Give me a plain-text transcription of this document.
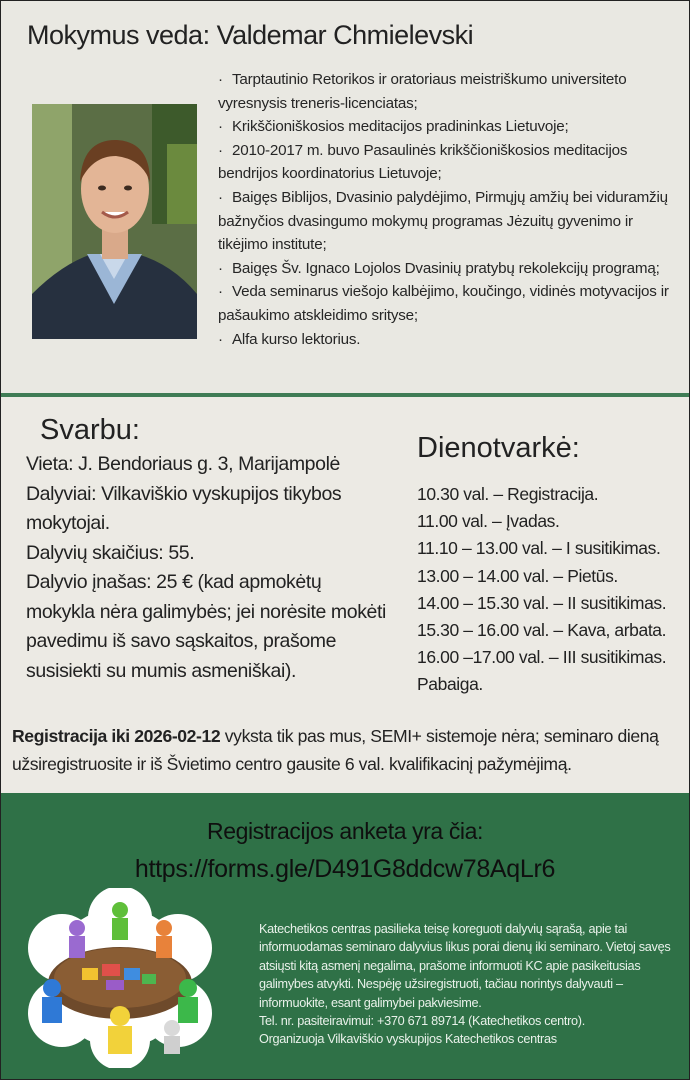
Mokymus veda: Valdemar Chmielevski

· Tarptautinio Retorikos ir oratoriaus meistriškumo universiteto vyresnysis treneris-licenciatas;

· Krikščioniškosios meditacijos pradininkas Lietuvoje;

· 2010-2017 m. buvo Pasaulinės krikščioniškosios meditacijos bendrijos koordinatorius Lietuvoje;

· Baigęs Biblijos, Dvasinio palydėjimo, Pirmųjų amžių bei viduramžių bažnyčios dvasingumo mokymų programas Jėzuitų gyvenimo ir tikėjimo institute;

· Baigęs Šv. Ignaco Lojolos Dvasinių pratybų rekolekcijų programą;

· Veda seminarus viešojo kalbėjimo, koučingo, vidinės motyvacijos ir pašaukimo atskleidimo srityse;

· Alfa kurso lektorius.

Svarbu:

Vieta: J. Bendoriaus g. 3, Marijampolė

Dalyviai: Vilkaviškio vyskupijos tikybos mokytojai.

Dalyvių skaičius: 55.

Dalyvio įnašas: 25 € (kad apmokėtų mokykla nėra galimybės; jei norėsite mokėti pavedimu iš savo sąskaitos, prašome susisiekti su mumis asmeniškai).

Dienotvarkė:

10.30 val. – Registracija.

11.00 val. – Įvadas.

11.10 – 13.00 val. – I susitikimas.

13.00 – 14.00 val. – Pietūs.

14.00 – 15.30 val. – II susitikimas.

15.30 – 16.00 val. – Kava, arbata.

16.00 –17.00 val. – III susitikimas.

Pabaiga.

Registracija iki 2026-02-12 vyksta tik pas mus, SEMI+ sistemoje nėra; seminaro dieną užsiregistruosite ir iš Švietimo centro gausite 6 val. kvalifikacinį pažymėjimą.
Registracijos anketa yra čia:
https://forms.gle/D491G8ddcw78AqLr6

Katechetikos centras pasilieka teisę koreguoti dalyvių sąrašą, apie tai informuodamas seminaro dalyvius likus porai dienų iki seminaro. Vietoj savęs atsiųsti kitą asmenį negalima, prašome informuoti KC apie pasikeitusias galimybes atvykti. Nespėję užsiregistruoti, tačiau norintys dalyvauti – informuokite, esant galimybei pakviesime.

Tel. nr. pasiteiravimui: +370 671 89714 (Katechetikos centro).

Organizuoja Vilkaviškio vyskupijos Katechetikos centras
